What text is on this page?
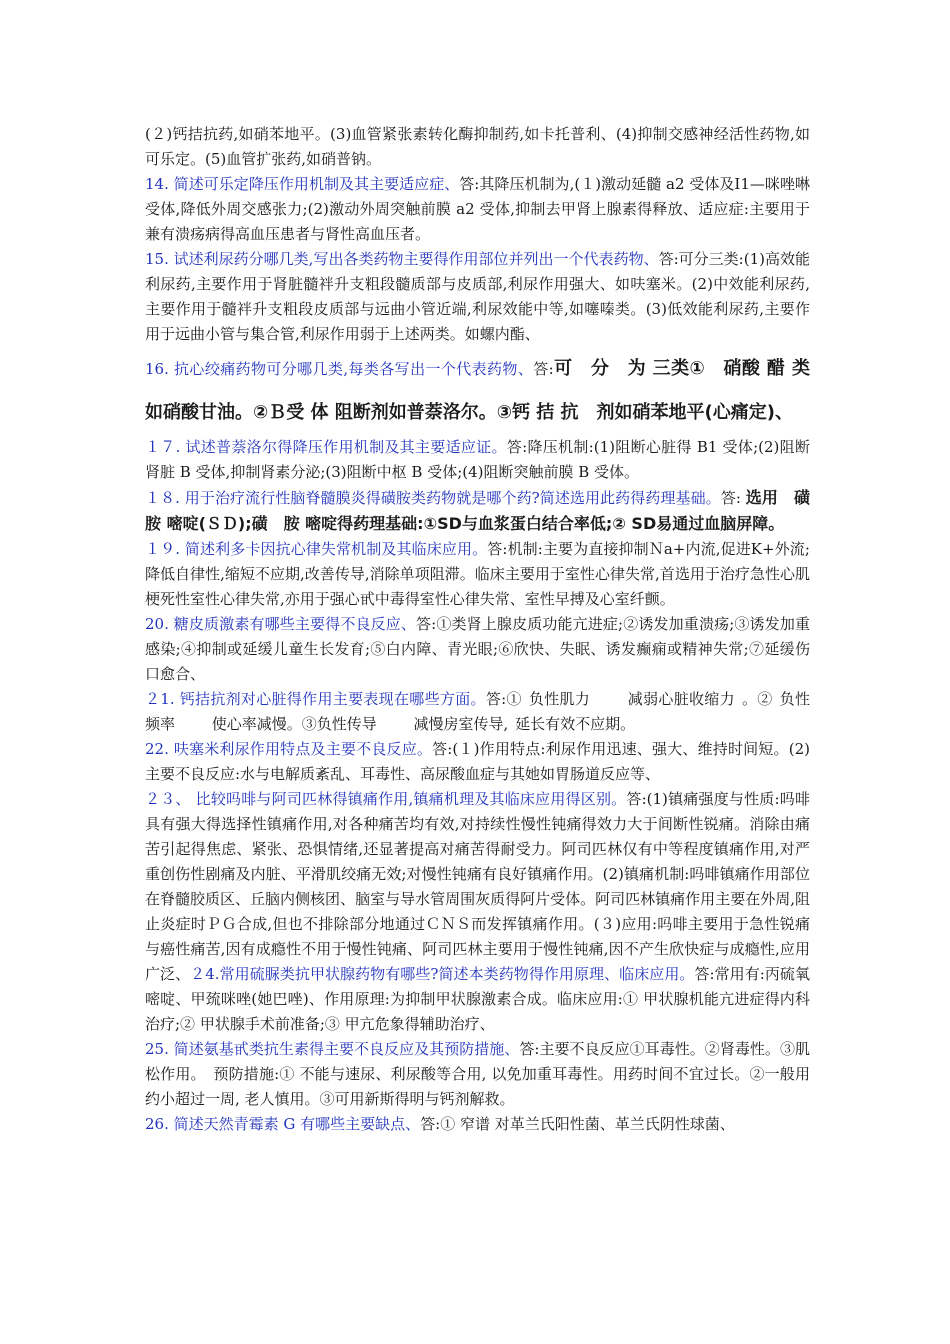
(２)钙拮抗药,如硝苯地平。(3)血管紧张素转化酶抑制药,如卡托普利、(4)抑制交感神经活性药物,如可乐定。(5)血管扩张药,如硝普钠。

14. 简述可乐定降压作用机制及其主要适应症、答:其降压机制为,(１)激动延髓 a2 受体及I1—咪唑啉受体,降低外周交感张力;(2)激动外周突触前膜 a2 受体,抑制去甲肾上腺素得释放、适应症:主要用于兼有溃疡病得高血压患者与肾性高血压者。

15. 试述利尿药分哪几类,写出各类药物主要得作用部位并列出一个代表药物、答:可分三类:(1)高效能利尿药,主要作用于肾脏髓袢升支粗段髓质部与皮质部,利尿作用强大、如呋塞米。(2)中效能利尿药,主要作用于髓袢升支粗段皮质部与远曲小管近端,利尿效能中等,如噻嗪类。(3)低效能利尿药,主要作用于远曲小管与集合管,利尿作用弱于上述两类。如螺内酯、

16. 抗心绞痛药物可分哪几类,每类各写出一个代表药物、答:可　分　为 三类①　硝酸 醋 类如硝酸甘油。②Ｂ受 体 阻断剂如普萘洛尔。③钙 拮 抗　剂如硝苯地平(心痛定)、

１７. 试述普萘洛尔得降压作用机制及其主要适应证。答:降压机制:(1)阻断心脏得 B1 受体;(2)阻断肾脏 B 受体,抑制肾素分泌;(3)阻断中枢 B 受体;(4)阻断突触前膜 B 受体。

１８. 用于治疗流行性脑脊髓膜炎得磺胺类药物就是哪个药?简述选用此药得药理基础。答: 选用　磺 胺 嘧啶(ＳＤ);磺　胺 嘧啶得药理基础:①SD与血浆蛋白结合率低;② SD易通过血脑屏障。

１９. 简述利多卡因抗心律失常机制及其临床应用。答:机制:主要为直接抑制Ｎa+内流,促进K+外流;降低自律性,缩短不应期,改善传导,消除单项阻滞。临床主要用于室性心律失常,首选用于治疗急性心肌梗死性室性心律失常,亦用于强心甙中毒得室性心律失常、室性早搏及心室纤颤。

20. 糖皮质激素有哪些主要得不良反应、答:①类肾上腺皮质功能亢进症;②诱发加重溃疡;③诱发加重感染;④抑制或延缓儿童生长发育;⑤白内障、青光眼;⑥欣快、失眠、诱发癫痫或精神失常;⑦延缓伤口愈合、

２1. 钙拮抗剂对心脏得作用主要表现在哪些方面。答:① 负性肌力　　 减弱心脏收缩力 。② 负性频率　　 使心率减慢。③负性传导　　 减慢房室传导, 延长有效不应期。

22. 呋塞米利尿作用特点及主要不良反应。答:(１)作用特点:利尿作用迅速、强大、维持时间短。(2)主要不良反应:水与电解质紊乱、耳毒性、高尿酸血症与其她如胃肠道反应等、

２３、 比较吗啡与阿司匹林得镇痛作用,镇痛机理及其临床应用得区别。答:(1)镇痛强度与性质:吗啡具有强大得选择性镇痛作用,对各种痛苦均有效,对持续性慢性钝痛得效力大于间断性锐痛。消除由痛苦引起得焦虑、紧张、恐惧情绪,还显著提高对痛苦得耐受力。阿司匹林仅有中等程度镇痛作用,对严重创伤性剧痛及内脏、平滑肌绞痛无效;对慢性钝痛有良好镇痛作用。(2)镇痛机制:吗啡镇痛作用部位在脊髓胶质区、丘脑内侧核团、脑室与导水管周围灰质得阿片受体。阿司匹林镇痛作用主要在外周,阻止炎症时ＰＧ合成,但也不排除部分地通过ＣＮＳ而发挥镇痛作用。(３)应用:吗啡主要用于急性锐痛与癌性痛苦,因有成瘾性不用于慢性钝痛、阿司匹林主要用于慢性钝痛,因不产生欣快症与成瘾性,应用广泛、２4.常用硫脲类抗甲状腺药物有哪些?简述本类药物得作用原理、临床应用。答:常用有:丙硫氧嘧啶、甲巯咪唑(她巴唑)、作用原理:为抑制甲状腺激素合成。临床应用:① 甲状腺机能亢进症得内科治疗;② 甲状腺手术前准备;③ 甲亢危象得辅助治疗、

25. 简述氨基甙类抗生素得主要不良反应及其预防措施、答:主要不良反应①耳毒性。②肾毒性。③肌松作用。　预防措施:① 不能与速尿、利尿酸等合用, 以免加重耳毒性。用药时间不宜过长。②一般用约小超过一周, 老人慎用。③可用新斯得明与钙剂解救。

26. 简述天然青霉素 G 有哪些主要缺点、答:① 窄谱 对革兰氏阳性菌、革兰氏阴性球菌、
